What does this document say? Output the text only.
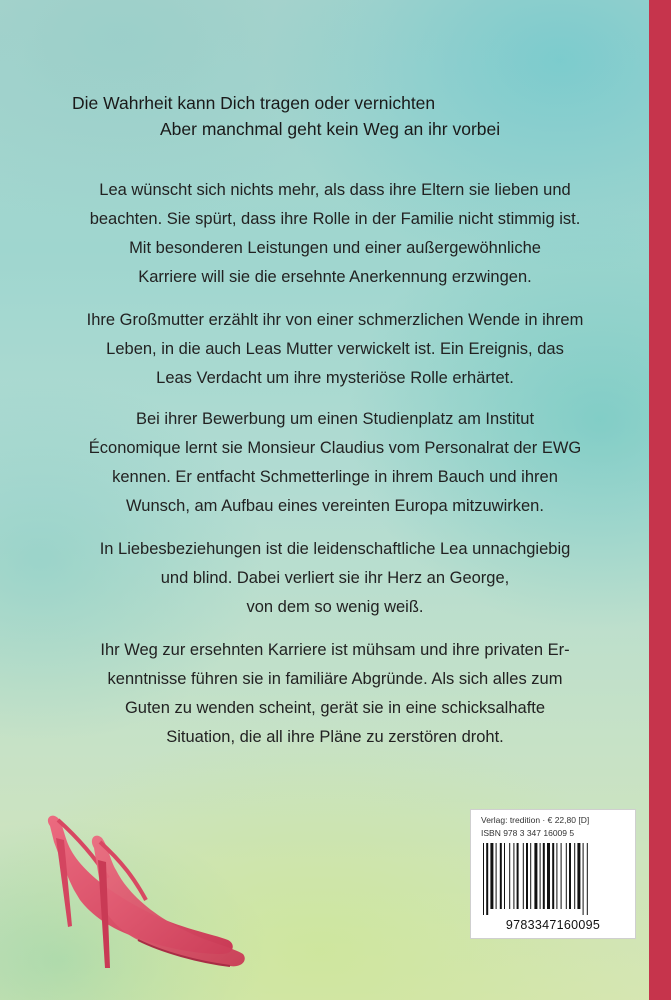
Die Wahrheit kann Dich tragen oder vernichten
Aber manchmal geht kein Weg an ihr vorbei
Lea wünscht sich nichts mehr, als dass ihre Eltern sie lieben und
beachten. Sie spürt, dass ihre Rolle in der Familie nicht stimmig ist.
Mit besonderen Leistungen und einer außergewöhnliche
Karriere will sie die ersehnte Anerkennung erzwingen.
Ihre Großmutter erzählt ihr von einer schmerzlichen Wende in ihrem
Leben, in die auch Leas Mutter verwickelt ist. Ein Ereignis, das
Leas Verdacht um ihre mysteriöse Rolle erhärtet.
Bei ihrer Bewerbung um einen Studienplatz am Institut
Économique lernt sie Monsieur Claudius vom Personalrat der EWG
kennen. Er entfacht Schmetterlinge in ihrem Bauch und ihren
Wunsch, am Aufbau eines vereinten Europa mitzuwirken.
In Liebesbeziehungen ist die leidenschaftliche Lea unnachgiebig
und blind. Dabei verliert sie ihr Herz an George,
von dem so wenig weiß.
Ihr Weg zur ersehnten Karriere ist mühsam und ihre privaten Er-
kenntnisse führen sie in familiäre Abgründe. Als sich alles zum
Guten zu wenden scheint, gerät sie in eine schicksalhafte
Situation, die all ihre Pläne zu zerstören droht.
Verlag: tredition · € 22,80 [D]
ISBN 978 3 347 16009 5
9783347160095
